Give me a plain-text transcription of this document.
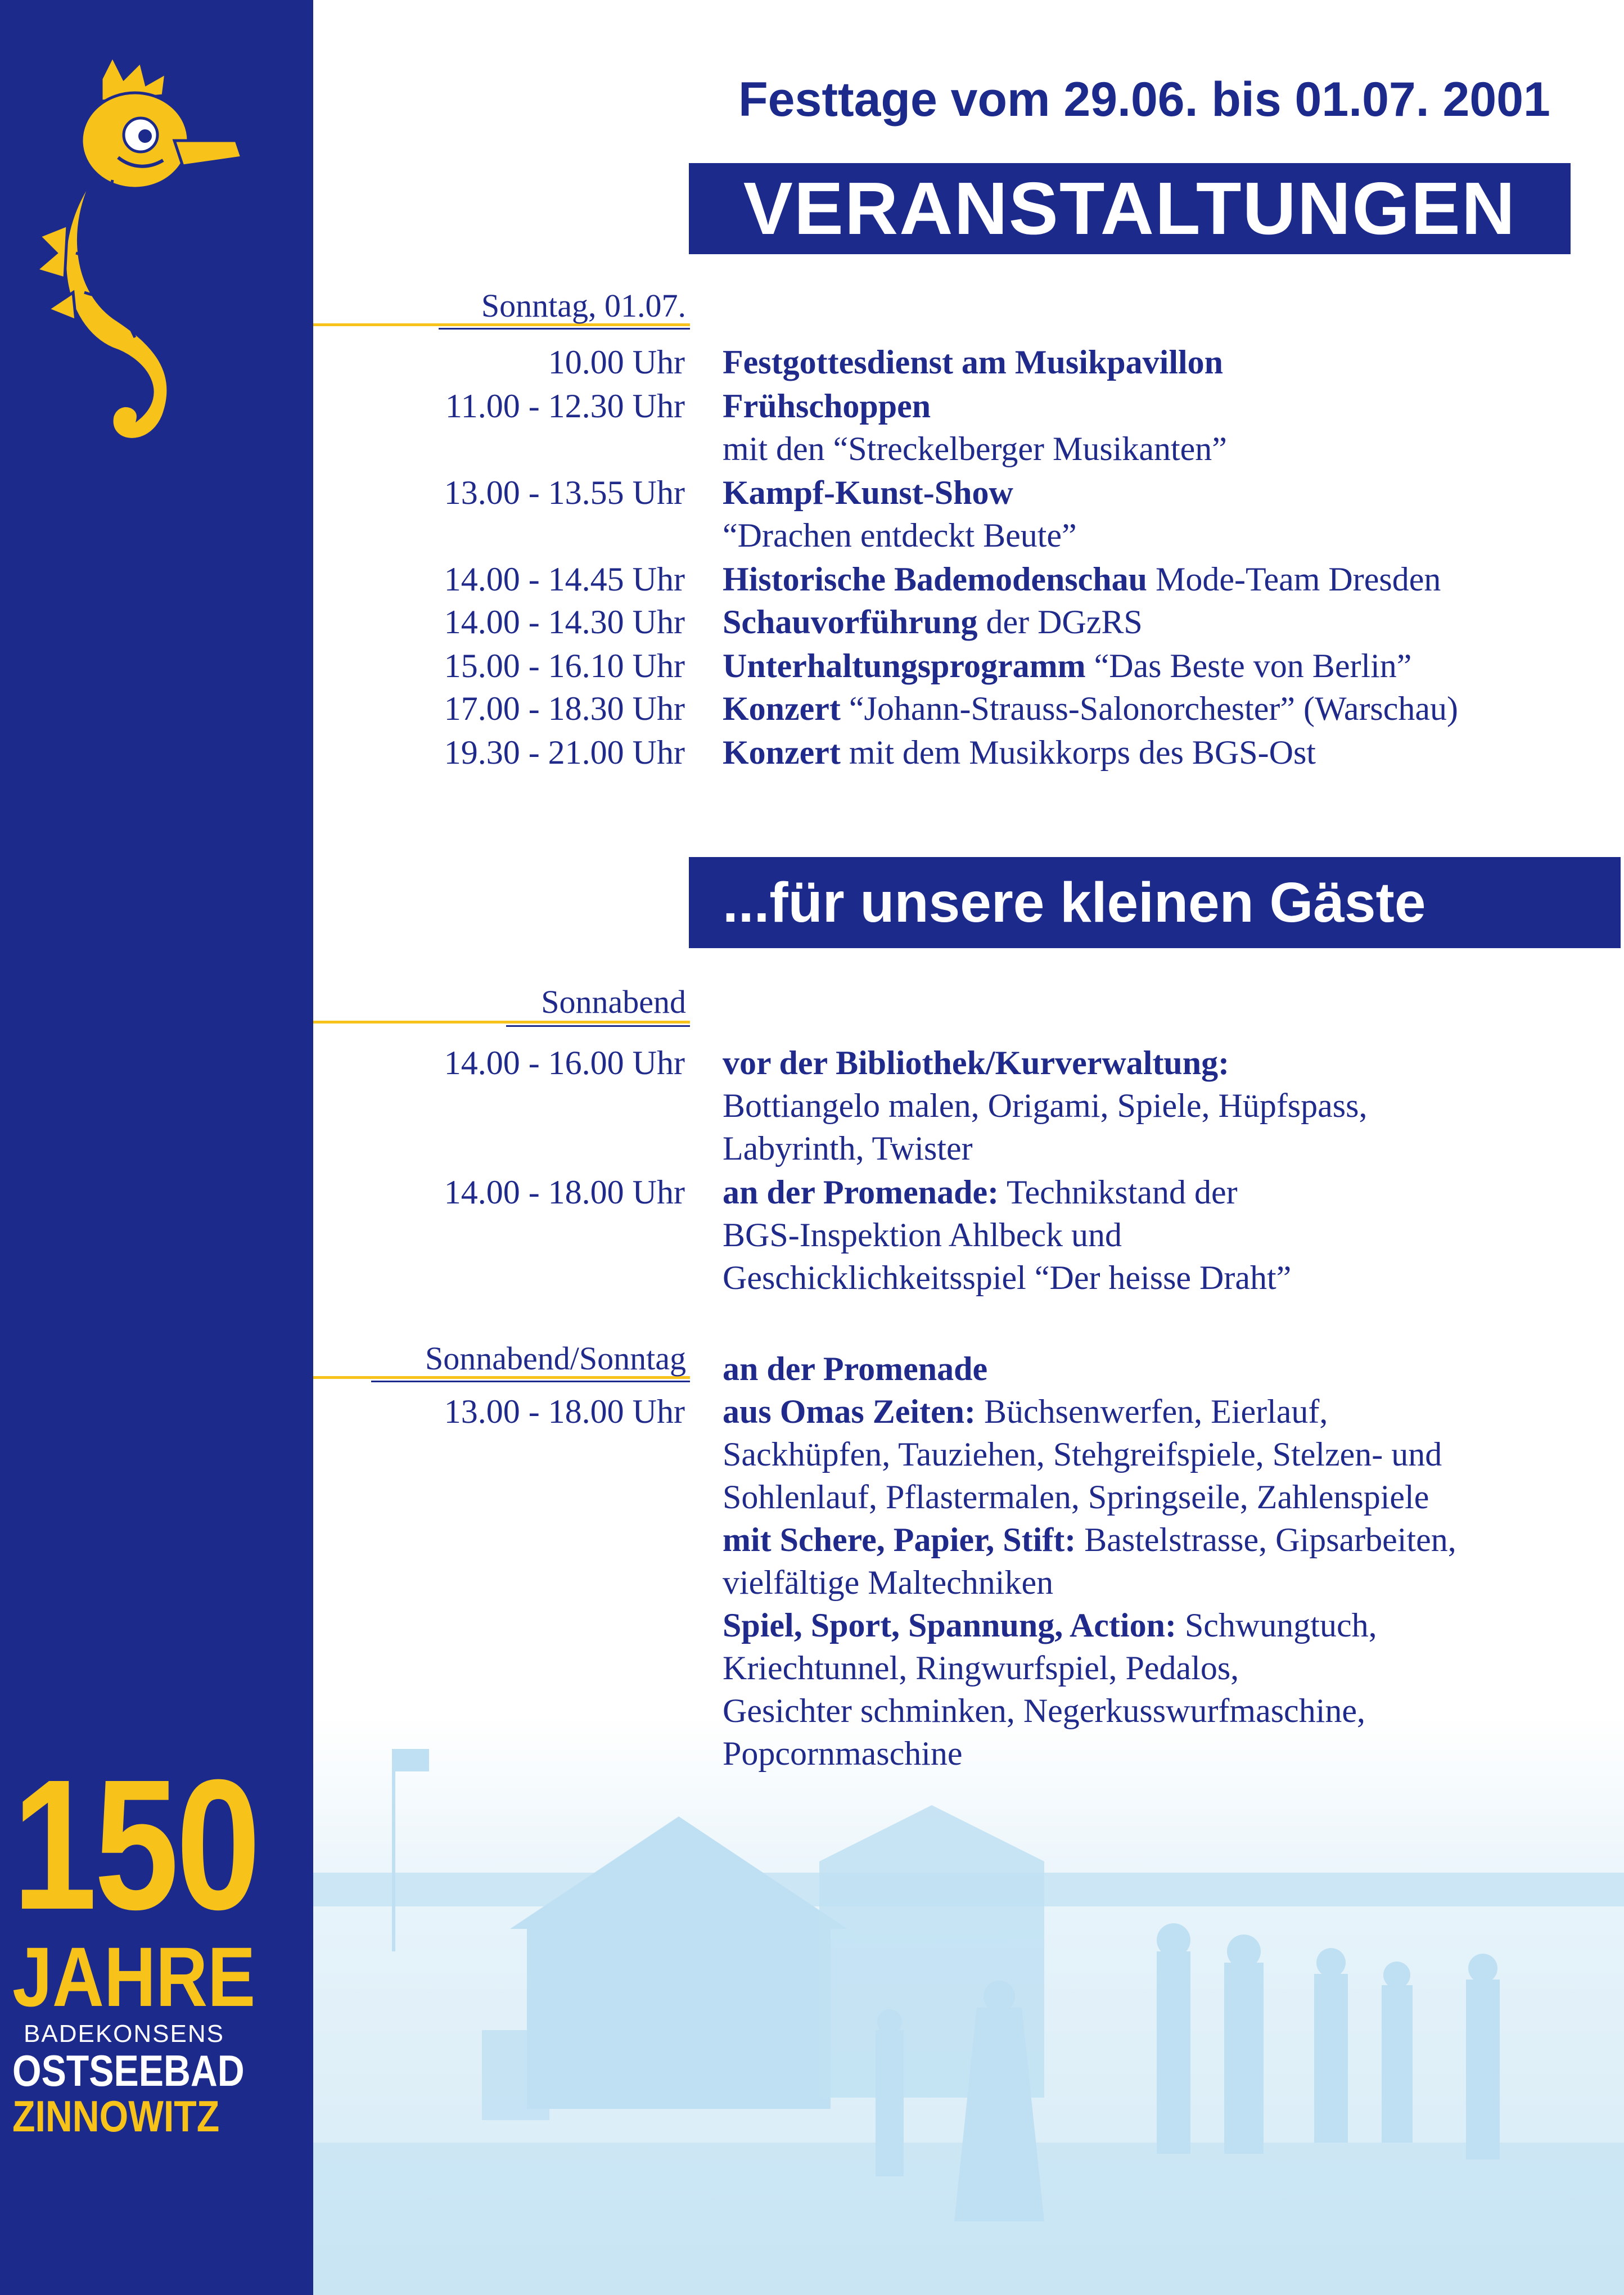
150
JAHRE
BADEKONSENS
OSTSEEBAD
ZINNOWITZ
Festtage vom 29.06. bis 01.07. 2001
VERANSTALTUNGEN
Sonntag, 01.07.
10.00 Uhr Festgottesdienst am Musikpavillon
11.00 - 12.30 Uhr Frühschoppen
mit den “Streckelberger Musikanten”
13.00 - 13.55 Uhr Kampf-Kunst-Show
“Drachen entdeckt Beute”
14.00 - 14.45 Uhr Historische Bademodenschau Mode-Team Dresden
14.00 - 14.30 Uhr Schauvorführung der DGzRS
15.00 - 16.10 Uhr Unterhaltungsprogramm “Das Beste von Berlin”
17.00 - 18.30 Uhr Konzert “Johann-Strauss-Salonorchester” (Warschau)
19.30 - 21.00 Uhr Konzert mit dem Musikkorps des BGS-Ost
...für unsere kleinen Gäste
Sonnabend
14.00 - 16.00 Uhr vor der Bibliothek/Kurverwaltung:
Bottiangelo malen, Origami, Spiele, Hüpfspass,
Labyrinth, Twister
14.00 - 18.00 Uhr an der Promenade: Technikstand der
BGS-Inspektion Ahlbeck und
Geschicklichkeitsspiel “Der heisse Draht”
Sonnabend/Sonntag an der Promenade
13.00 - 18.00 Uhr aus Omas Zeiten: Büchsenwerfen, Eierlauf,
Sackhüpfen, Tauziehen, Stehgreifspiele, Stelzen- und
Sohlenlauf, Pflastermalen, Springseile, Zahlenspiele
mit Schere, Papier, Stift: Bastelstrasse, Gipsarbeiten,
vielfältige Maltechniken
Spiel, Sport, Spannung, Action: Schwungtuch,
Kriechtunnel, Ringwurfspiel, Pedalos,
Gesichter schminken, Negerkusswurfmaschine,
Popcornmaschine
